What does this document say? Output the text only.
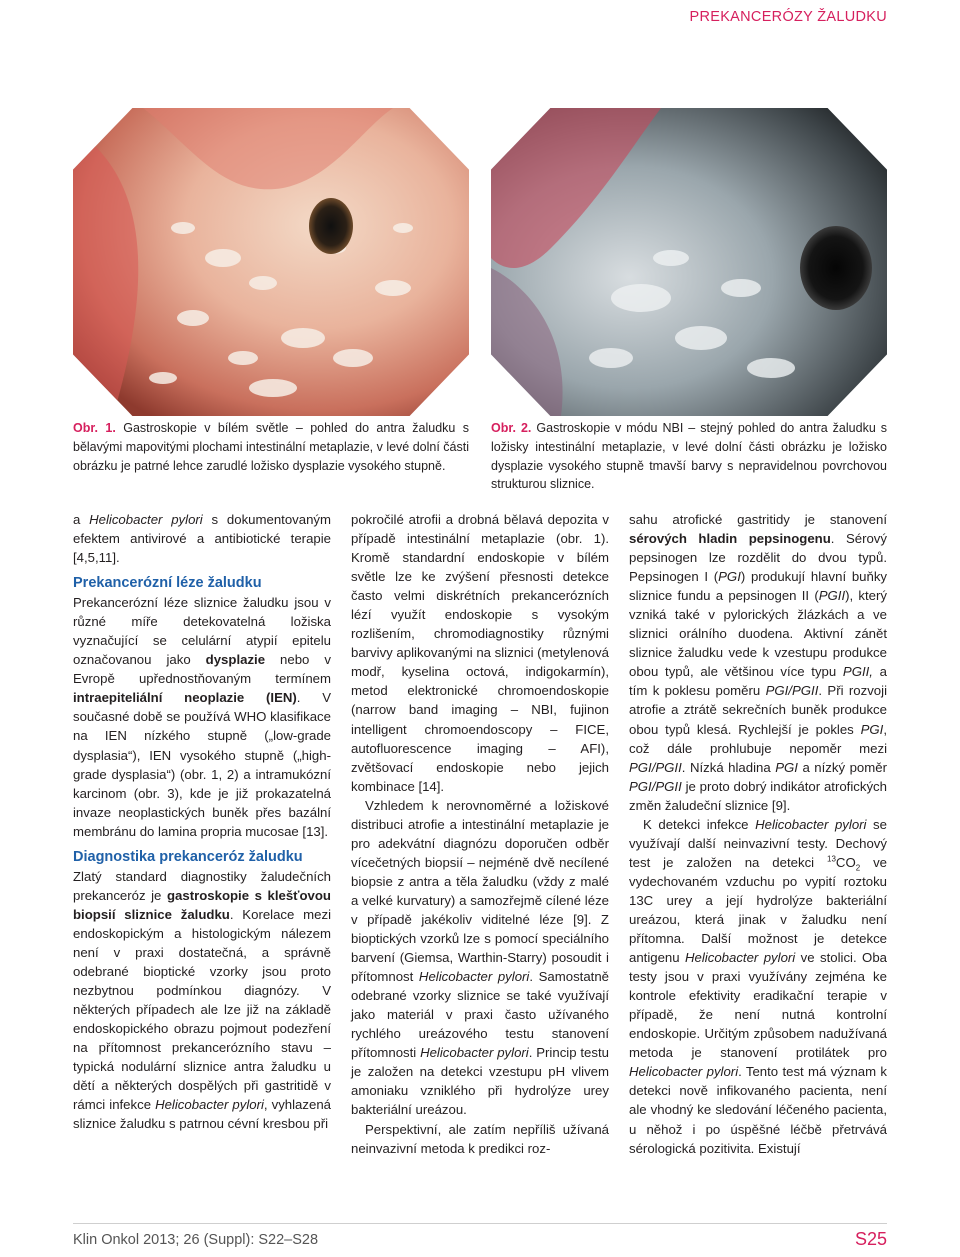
PREKANCERÓZY ŽALUDKU
Obr. 1. Gastroskopie v bílém světle – pohled do antra žaludku s bělavými mapovitými plochami intestinální metaplazie, v levé dolní části obrázku je patrné lehce zarudlé ložisko dysplazie vysokého stupně.
Obr. 2. Gastroskopie v módu NBI – stejný pohled do antra žaludku s ložisky intestinální metaplazie, v levé dolní části obrázku je ložisko dysplazie vysokého stupně tmavší barvy s nepravidelnou povrchovou strukturou sliznice.

a Helicobacter pylori s dokumentovaným efektem antivirové a antibiotické terapie [4,5,11].

Prekancerózní léze žaludku

Prekancerózní léze sliznice žaludku jsou v různé míře detekovatelná ložiska vyznačující se celulární atypií epitelu označovanou jako dysplazie nebo v Evropě upřednostňovaným termínem intraepiteliální neoplazie (IEN). V současné době se používá WHO klasifikace na IEN nízkého stupně („low-grade dysplasia“), IEN vysokého stupně („high-grade dysplasia“) (obr. 1, 2) a intramukózní karcinom (obr. 3), kde je již prokazatelná invaze neoplastických buněk přes bazální membránu do lamina propria mucosae [13].

Diagnostika prekanceróz žaludku

Zlatý standard diagnostiky žaludečních prekanceróz je gastroskopie s klešťovou biopsií sliznice žaludku. Korelace mezi endoskopickým a histologickým nálezem není v praxi dostatečná, a správně odebrané bioptické vzorky jsou proto nezbytnou podmínkou diagnózy. V některých případech ale lze již na základě endoskopického obrazu pojmout podezření na přítomnost prekancerózního stavu – typická nodulární sliznice antra žaludku u dětí a některých dospělých při gastritidě v rámci infekce Helicobacter pylori, vyhlazená sliznice žaludku s patrnou cévní kresbou při

pokročilé atrofii a drobná bělavá depozita v případě intestinální metaplazie (obr. 1). Kromě standardní endoskopie v bílém světle lze ke zvýšení přesnosti detekce často velmi diskrétních prekancerózních lézí využít endoskopie s vysokým rozlišením, chromodiagnostiky různými barvivy aplikovanými na sliznici (metylenová modř, kyselina octová, indigokarmín), metod elektronické chromoendoskopie (narrow band imaging – NBI, fujinon intelligent chromoendoscopy – FICE, autofluorescence imaging – AFI), zvětšovací endoskopie nebo jejich kombinace [14].

Vzhledem k nerovnoměrné a ložiskové distribuci atrofie a intestinální metaplazie je pro adekvátní diagnózu doporučen odběr vícečetných biopsií – nejméně dvě necílené biopsie z antra a těla žaludku (vždy z malé a velké kurvatury) a samozřejmě cílené léze v případě jakékoliv viditelné léze [9]. Z bioptických vzorků lze s pomocí speciálního barvení (Giemsa, Warthin-Starry) posoudit i přítomnost Helicobacter pylori. Samostatně odebrané vzorky sliznice se také využívají jako materiál v praxi často užívaného rychlého ureázového testu stanovení přítomnosti Helicobacter pylori. Princip testu je založen na detekci vzestupu pH vlivem amoniaku vzniklého při hydrolýze urey bakteriální ureázou.

Perspektivní, ale zatím nepříliš užívaná neinvazivní metoda k predikci roz-

sahu atrofické gastritidy je stanovení sérových hladin pepsinogenu. Sérový pepsinogen lze rozdělit do dvou typů. Pepsinogen I (PGI) produkují hlavní buňky sliznice fundu a pepsinogen II (PGII), který vzniká také v pylorických žlázkách a ve sliznici orálního duodena. Aktivní zánět sliznice žaludku vede k vzestupu produkce obou typů, ale většinou více typu PGII, a tím k poklesu poměru PGI/PGII. Při rozvoji atrofie a ztrátě sekrečních buněk produkce obou typů klesá. Rychlejší je pokles PGI, což dále prohlubuje nepoměr mezi PGI/PGII. Nízká hladina PGI a nízký poměr PGI/PGII je proto dobrý indikátor atrofických změn žaludeční sliznice [9].

K detekci infekce Helicobacter pylori se využívají další neinvazivní testy. Dechový test je založen na detekci $^{13}CO_2$ ve vydechovaném vzduchu po vypití roztoku 13C urey a její hydrolýze bakteriální ureázou, která jinak v žaludku není přítomna. Další možnost je detekce antigenu Helicobacter pylori ve stolici. Oba testy jsou v praxi využívány zejména ke kontrole efektivity eradikační terapie v případě, že není nutná kontrolní endoskopie. Určitým způsobem nadužívaná metoda je stanovení protilátek pro Helicobacter pylori. Tento test má význam k detekci nově infikovaného pacienta, není ale vhodný ke sledování léčeného pacienta, u něhož i po úspěšné léčbě přetrvává sérologická pozitivita. Existují

Klin Onkol 2013; 26 (Suppl): S22–S28	S25
